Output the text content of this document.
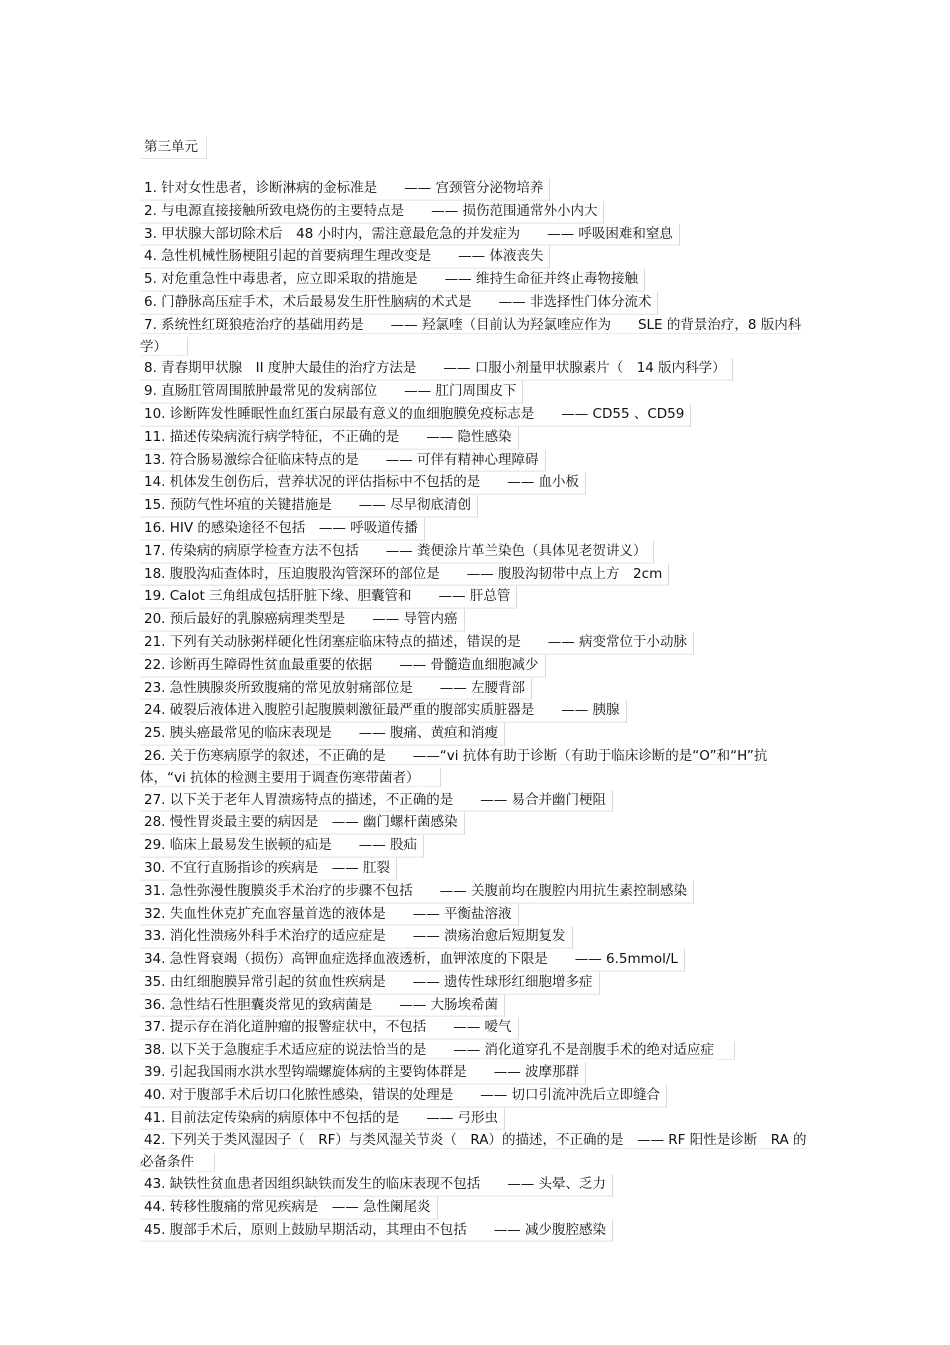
第三单元
1. 针对女性患者，诊断淋病的金标准是　　—— 宫颈管分泌物培养
2. 与电源直接接触所致电烧伤的主要特点是　　—— 损伤范围通常外小内大
3. 甲状腺大部切除术后　48 小时内，需注意最危急的并发症为　　—— 呼吸困难和窒息
4. 急性机械性肠梗阻引起的首要病理生理改变是　　—— 体液丧失
5. 对危重急性中毒患者，应立即采取的措施是　　—— 维持生命征并终止毒物接触
6. 门静脉高压症手术，术后最易发生肝性脑病的术式是　　—— 非选择性门体分流术
7. 系统性红斑狼疮治疗的基础用药是　　—— 羟氯喹（目前认为羟氯喹应作为　　SLE 的背景治疗，8 版内科学）
8. 青春期甲状腺　II 度肿大最佳的治疗方法是　　—— 口服小剂量甲状腺素片（　14 版内科学）
9. 直肠肛管周围脓肿最常见的发病部位　　—— 肛门周围皮下
10. 诊断阵发性睡眠性血红蛋白尿最有意义的血细胞膜免疫标志是　　—— CD55 、CD59
11. 描述传染病流行病学特征，不正确的是　　—— 隐性感染
13. 符合肠易激综合征临床特点的是　　—— 可伴有精神心理障碍
14. 机体发生创伤后，营养状况的评估指标中不包括的是　　—— 血小板
15. 预防气性坏疽的关键措施是　　—— 尽早彻底清创
16. HIV 的感染途径不包括　—— 呼吸道传播
17. 传染病的病原学检查方法不包括　　—— 粪便涂片革兰染色（具体见老贺讲义）
18. 腹股沟疝查体时，压迫腹股沟管深环的部位是　　—— 腹股沟韧带中点上方　2cm
19. Calot 三角组成包括肝脏下缘、胆囊管和　　—— 肝总管
20. 预后最好的乳腺癌病理类型是　　—— 导管内癌
21. 下列有关动脉粥样硬化性闭塞症临床特点的描述，错误的是　　—— 病变常位于小动脉
22. 诊断再生障碍性贫血最重要的依据　　—— 骨髓造血细胞减少
23. 急性胰腺炎所致腹痛的常见放射痛部位是　　—— 左腰背部
24. 破裂后液体进入腹腔引起腹膜刺激征最严重的腹部实质脏器是　　—— 胰腺
25. 胰头癌最常见的临床表现是　　—— 腹痛、黄疸和消瘦
26. 关于伤寒病原学的叙述，不正确的是　　——“vi 抗体有助于诊断（有助于临床诊断的是“O”和“H”抗体，“vi 抗体的检测主要用于调查伤寒带菌者）
27. 以下关于老年人胃溃疡特点的描述，不正确的是　　—— 易合并幽门梗阻
28. 慢性胃炎最主要的病因是　—— 幽门螺杆菌感染
29. 临床上最易发生嵌顿的疝是　　—— 股疝
30. 不宜行直肠指诊的疾病是　—— 肛裂
31. 急性弥漫性腹膜炎手术治疗的步骤不包括　　—— 关腹前均在腹腔内用抗生素控制感染
32. 失血性休克扩充血容量首选的液体是　　—— 平衡盐溶液
33. 消化性溃疡外科手术治疗的适应症是　　—— 溃疡治愈后短期复发
34. 急性肾衰竭（损伤）高钾血症选择血液透析，血钾浓度的下限是　　—— 6.5mmol/L
35. 由红细胞膜异常引起的贫血性疾病是　　—— 遗传性球形红细胞增多症
36. 急性结石性胆囊炎常见的致病菌是　　—— 大肠埃希菌
37. 提示存在消化道肿瘤的报警症状中，不包括　　—— 嗳气
38. 以下关于急腹症手术适应症的说法恰当的是　　—— 消化道穿孔不是剖腹手术的绝对适应症
39. 引起我国雨水洪水型钩端螺旋体病的主要钩体群是　　—— 波摩那群
40. 对于腹部手术后切口化脓性感染，错误的处理是　　—— 切口引流冲洗后立即缝合
41. 目前法定传染病的病原体中不包括的是　　—— 弓形虫
42. 下列关于类风湿因子（　RF）与类风湿关节炎（　RA）的描述，不正确的是　—— RF 阳性是诊断　RA 的必备条件
43. 缺铁性贫血患者因组织缺铁而发生的临床表现不包括　　—— 头晕、乏力
44. 转移性腹痛的常见疾病是　—— 急性阑尾炎
45. 腹部手术后，原则上鼓励早期活动，其理由不包括　　—— 减少腹腔感染
